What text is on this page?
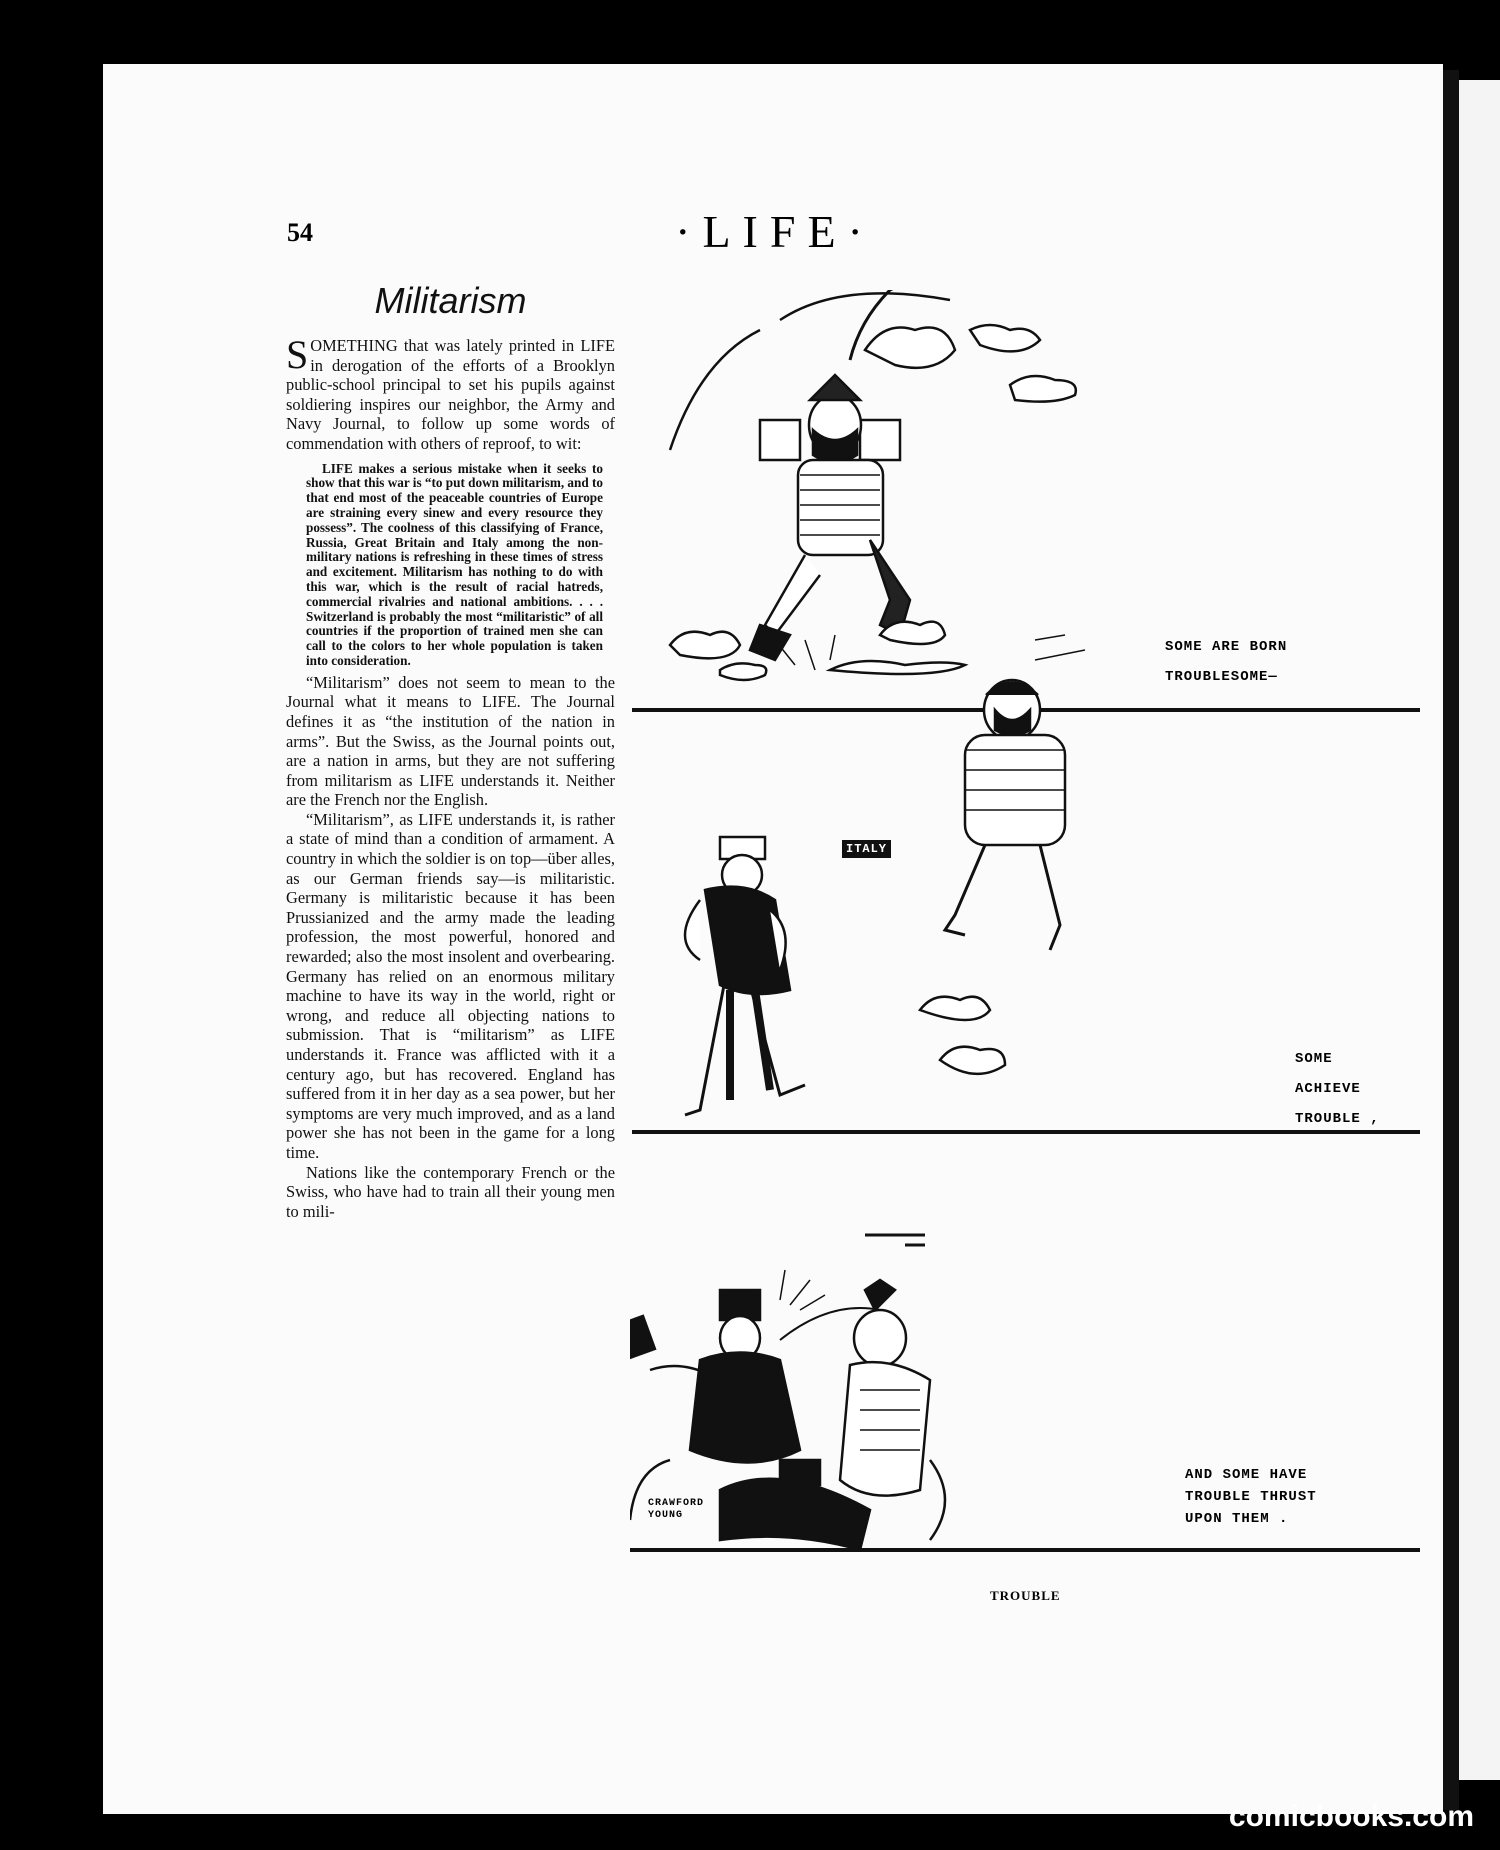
54	·LIFE·
Militarism

SOMETHING that was lately printed in LIFE in derogation of the efforts of a Brooklyn public-school principal to set his pupils against soldiering inspires our neighbor, the Army and Navy Journal, to follow up some words of commendation with others of reproof, to wit:

LIFE makes a serious mistake when it seeks to show that this war is “to put down militarism, and to that end most of the peaceable countries of Europe are straining every sinew and every resource they possess”. The coolness of this classifying of France, Russia, Great Britain and Italy among the non-military nations is refreshing in these times of stress and excitement. Militarism has nothing to do with this war, which is the result of racial hatreds, commercial rivalries and national ambitions. . . . Switzerland is probably the most “militaristic” of all countries if the proportion of trained men she can call to the colors to her whole population is taken into consideration.

“Militarism” does not seem to mean to the Journal what it means to LIFE. The Journal defines it as “the institution of the nation in arms”. But the Swiss, as the Journal points out, are a nation in arms, but they are not suffering from militarism as LIFE understands it. Neither are the French nor the English.

“Militarism”, as LIFE understands it, is rather a state of mind than a condition of armament. A country in which the soldier is on top—über alles, as our German friends say—is militaristic. Germany is militaristic because it has been Prussianized and the army made the leading profession, the most powerful, honored and rewarded; also the most insolent and overbearing. Germany has relied on an enormous military machine to have its way in the world, right or wrong, and reduce all objecting nations to submission. That is “militarism” as LIFE understands it. France was afflicted with it a century ago, but has recovered. England has suffered from it in her day as a sea power, but her symptoms are very much improved, and as a land power she has not been in the game for a long time.

Nations like the contemporary French or the Swiss, who have had to train all their young men to mili-

SOME ARE BORN
TROUBLESOME—
SOME
ACHIEVE
TROUBLE ,
AND SOME HAVE
TROUBLE THRUST
UPON THEM .
ITALY
CRAWFORD YOUNG
TROUBLE
comicbooks.com
